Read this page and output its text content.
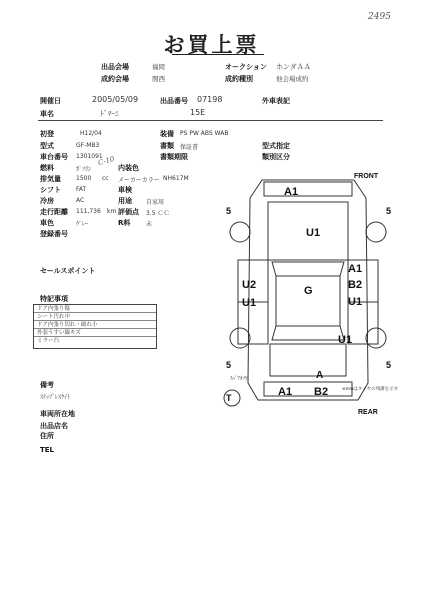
2495
お買上票
出品会場	福岡	オークション ホンダＡＡ
成約会場	関西	成約種別	他会場成約
開催日	2005/05/09	出品番号 07198	外車表記
車名	ﾄﾞﾏｰﾆ	15E
初登	H12/04	装備 PS PW ABS WAB
型式	GF-MB3	書類 保証書	型式指定
車台番号 1301091	書類期限	類別区分
燃料	ｶﾞｿﾘﾝ
C-10
内装色
排気量	1500 cc メーカーカラー NH617M
シフト	FAT	車検
冷房	AC	用途 自家用
走行距離 111,736 km 評価点 3.5 ＣＣ
車色	ｸﾞﾚｰ	R料	未
登録番号
セールスポイント
特記事項
ドア内張り傷
シート汚れ中
ドア内張り切れ・破れ小
外装うすい線キズ
ミラー凸
備考
ｽﾃｯﾌﾟﾚｽｸｲﾄ
車両所在地
出品店名
住所
TEL
FRONT
REAR
5	5
5	5
ｽﾍﾟｱﾀｲﾔ
T
※mmはタイヤの残溝を示す
A1
U1
G
U2
U1
A1
B2
U1
U1
A
A1 B2
